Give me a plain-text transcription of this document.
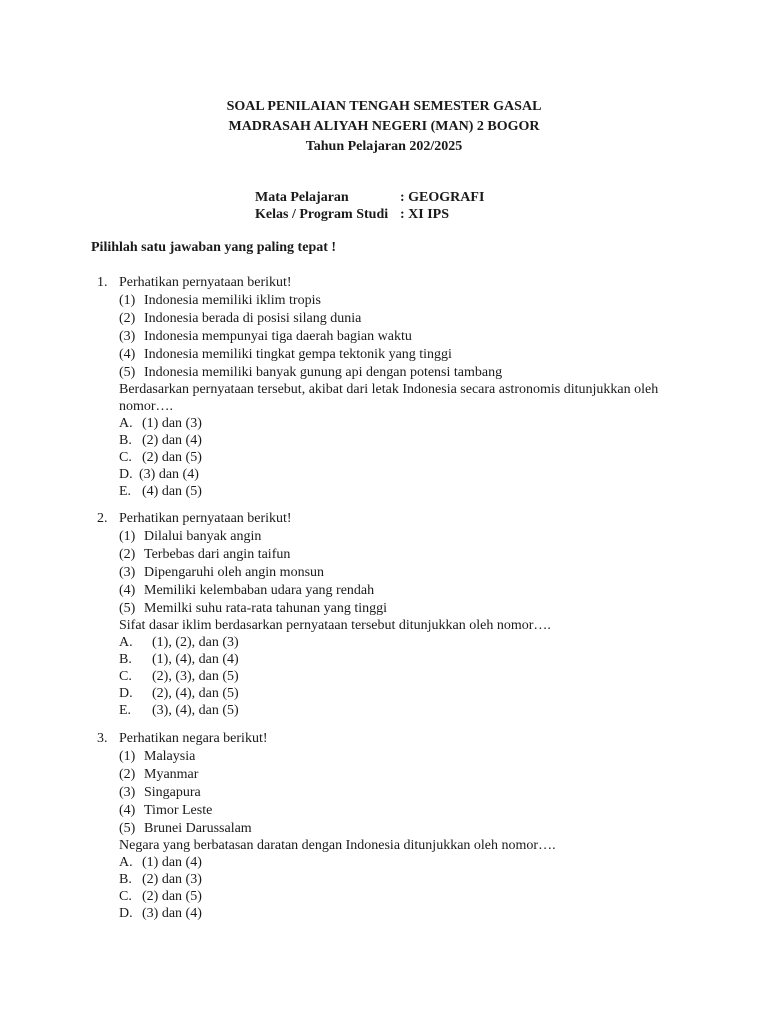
SOAL PENILAIAN TENGAH SEMESTER GASAL
MADRASAH ALIYAH NEGERI (MAN) 2 BOGOR
Tahun Pelajaran 202/2025
Mata Pelajaran	: GEOGRAFI
Kelas / Program Studi : XI IPS
Pilihlah satu jawaban yang paling tepat !
1. Perhatikan pernyataan berikut!
(1) Indonesia memiliki iklim tropis
(2) Indonesia berada di posisi silang dunia
(3) Indonesia mempunyai tiga daerah bagian waktu
(4) Indonesia memiliki tingkat gempa tektonik yang tinggi
(5) Indonesia memiliki banyak gunung api dengan potensi tambang
Berdasarkan pernyataan tersebut, akibat dari letak Indonesia secara astronomis ditunjukkan oleh nomor….
A. (1) dan (3)
B. (2) dan (4)
C. (2) dan (5)
D. (3) dan (4)
E. (4) dan (5)
2. Perhatikan pernyataan berikut!
(1) Dilalui banyak angin
(2) Terbebas dari angin taifun
(3) Dipengaruhi oleh angin monsun
(4) Memiliki kelembaban udara yang rendah
(5) Memilki suhu rata-rata tahunan yang tinggi
Sifat dasar iklim berdasarkan pernyataan tersebut ditunjukkan oleh nomor….
A.	(1), (2), dan (3)
B.	(1), (4), dan (4)
C.	(2), (3), dan (5)
D.	(2), (4), dan (5)
E.	(3), (4), dan (5)
3. Perhatikan negara berikut!
(1) Malaysia
(2) Myanmar
(3) Singapura
(4) Timor Leste
(5) Brunei Darussalam
Negara yang berbatasan daratan dengan Indonesia ditunjukkan oleh nomor….
A. (1) dan (4)
B. (2) dan (3)
C. (2) dan (5)
D. (3) dan (4)
